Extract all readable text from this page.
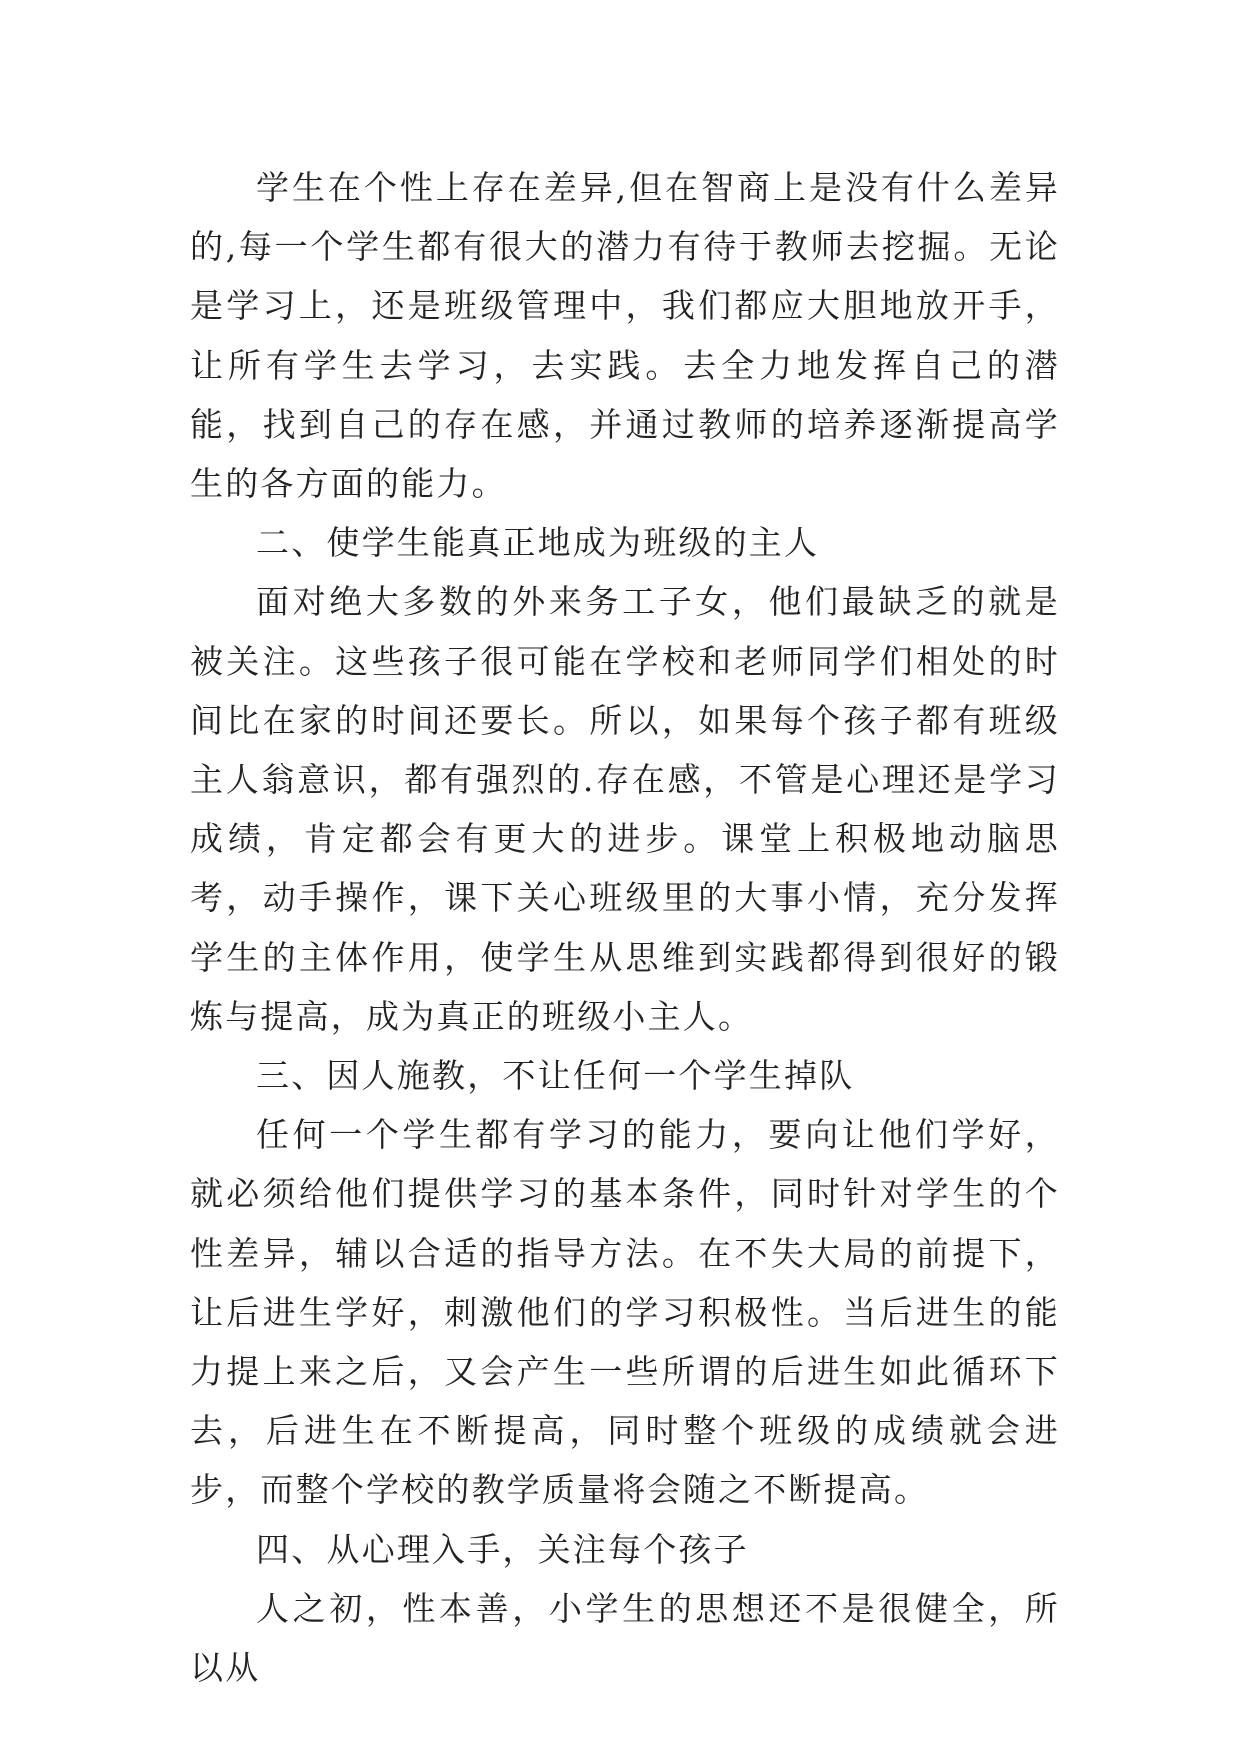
学生在个性上存在差异,但在智商上是没有什么差异的,每一个学生都有很大的潜力有待于教师去挖掘。无论是学习上，还是班级管理中，我们都应大胆地放开手，让所有学生去学习，去实践。去全力地发挥自己的潜能，找到自己的存在感，并通过教师的培养逐渐提高学生的各方面的能力。

二、使学生能真正地成为班级的主人

面对绝大多数的外来务工子女，他们最缺乏的就是被关注。这些孩子很可能在学校和老师同学们相处的时间比在家的时间还要长。所以，如果每个孩子都有班级主人翁意识，都有强烈的.存在感，不管是心理还是学习成绩，肯定都会有更大的进步。课堂上积极地动脑思考，动手操作，课下关心班级里的大事小情，充分发挥学生的主体作用，使学生从思维到实践都得到很好的锻炼与提高，成为真正的班级小主人。

三、因人施教，不让任何一个学生掉队

任何一个学生都有学习的能力，要向让他们学好，就必须给他们提供学习的基本条件，同时针对学生的个性差异，辅以合适的指导方法。在不失大局的前提下，让后进生学好，刺激他们的学习积极性。当后进生的能力提上来之后，又会产生一些所谓的后进生如此循环下去，后进生在不断提高，同时整个班级的成绩就会进步，而整个学校的教学质量将会随之不断提高。

四、从心理入手，关注每个孩子

人之初，性本善，小学生的思想还不是很健全，所以从
